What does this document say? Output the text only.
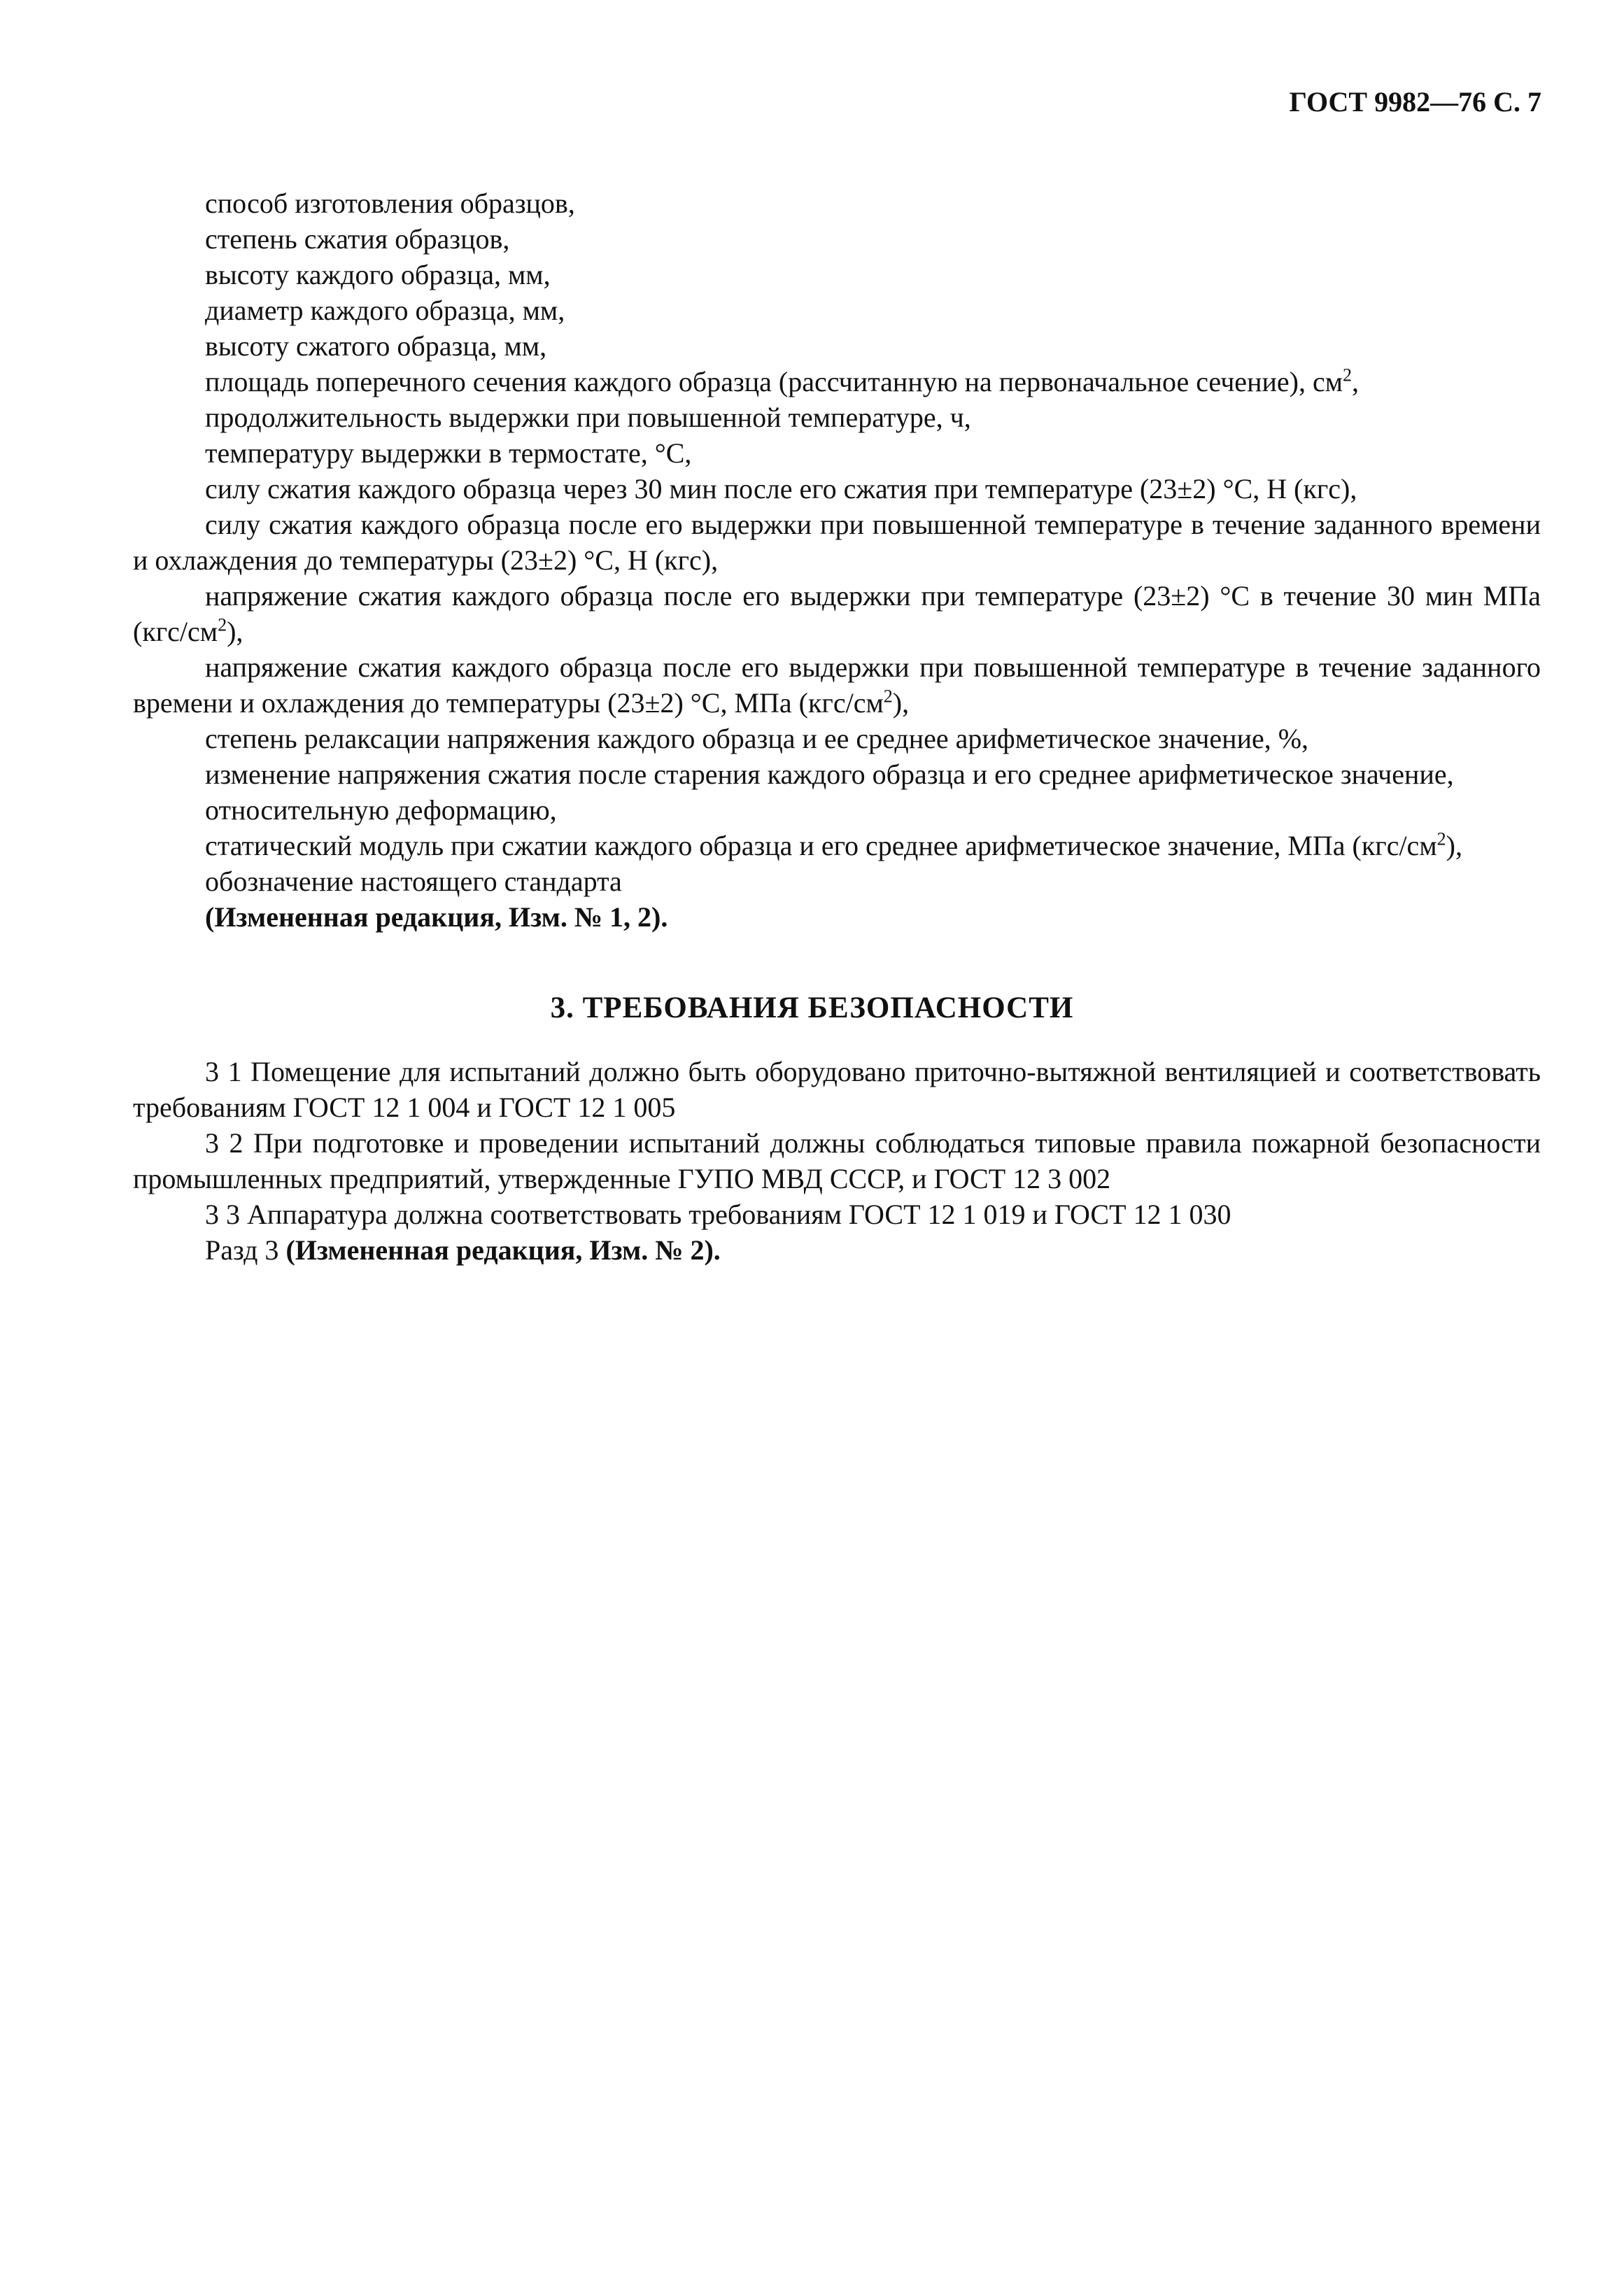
ГОСТ 9982—76 С. 7

способ изготовления образцов,

степень сжатия образцов,

высоту каждого образца, мм,

диаметр каждого образца, мм,

высоту сжатого образца, мм,

площадь поперечного сечения каждого образца (рассчитанную на первоначальное сечение), $см^2$,

продолжительность выдержки при повышенной температуре, ч,

температуру выдержки в термостате, °С,

силу сжатия каждого образца через 30 мин после его сжатия при температуре (23±2) °С, Н (кгс),

силу сжатия каждого образца после его выдержки при повышенной температуре в течение заданного времени и охлаждения до температуры (23±2) °С, Н (кгс),

напряжение сжатия каждого образца после его выдержки при температуре (23±2) °С в течение 30 мин МПа $(кгс/см^2)$,

напряжение сжатия каждого образца после его выдержки при повышенной температуре в течение заданного времени и охлаждения до температуры (23±2) °С, МПа $(кгс/см^2)$,

степень релаксации напряжения каждого образца и ее среднее арифметическое значение, %,

изменение напряжения сжатия после старения каждого образца и его среднее арифметическое значение,

относительную деформацию,

статический модуль при сжатии каждого образца и его среднее арифметическое значение, МПа $(кгс/см^2)$,

обозначение настоящего стандарта

(Измененная редакция, Изм. № 1, 2).

3. ТРЕБОВАНИЯ БЕЗОПАСНОСТИ

3 1 Помещение для испытаний должно быть оборудовано приточно-вытяжной вентиляцией и соответствовать требованиям ГОСТ 12 1 004 и ГОСТ 12 1 005

3 2 При подготовке и проведении испытаний должны соблюдаться типовые правила пожарной безопасности промышленных предприятий, утвержденные ГУПО МВД СССР, и ГОСТ 12 3 002

3 3 Аппаратура должна соответствовать требованиям ГОСТ 12 1 019 и ГОСТ 12 1 030

Разд 3 (Измененная редакция, Изм. № 2).
